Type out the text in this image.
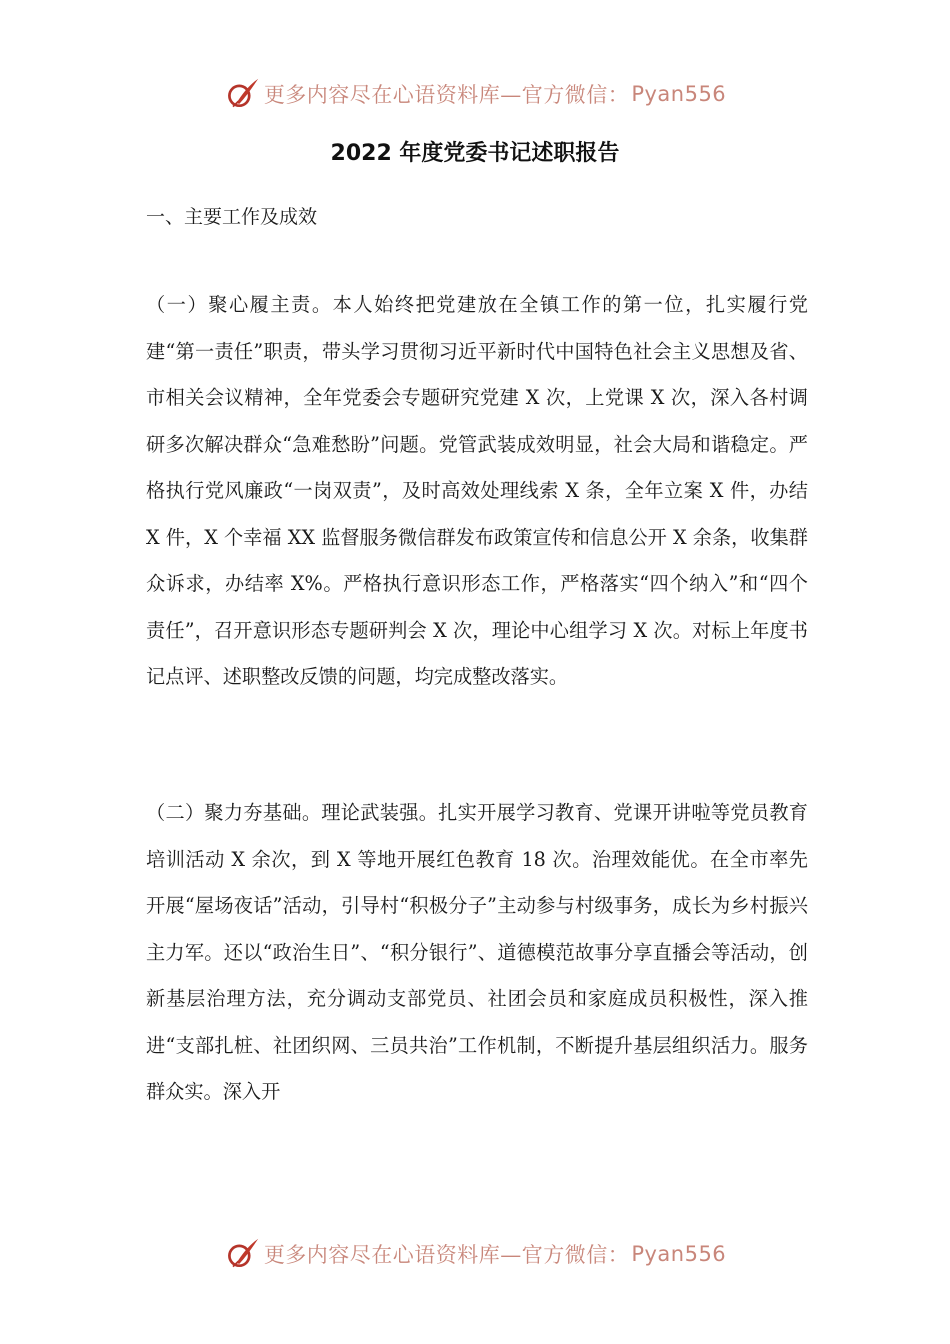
更多内容尽在心语资料库—官方微信： Pyan556
2022 年度党委书记述职报告
一、主要工作及成效

（一）聚心履主责。本人始终把党建放在全镇工作的第一位，扎实履行党建“第一责任”职责，带头学习贯彻习近平新时代中国特色社会主义思想及省、市相关会议精神，全年党委会专题研究党建 X 次，上党课 X 次，深入各村调研多次解决群众“急难愁盼”问题。党管武装成效明显，社会大局和谐稳定。严格执行党风廉政“一岗双责”，及时高效处理线索 X 条，全年立案 X 件，办结 X 件，X 个幸福 XX 监督服务微信群发布政策宣传和信息公开 X 余条，收集群众诉求，办结率 X%。严格执行意识形态工作，严格落实“四个纳入”和“四个责任”，召开意识形态专题研判会 X 次，理论中心组学习 X 次。对标上年度书记点评、述职整改反馈的问题，均完成整改落实。

（二）聚力夯基础。理论武装强。扎实开展学习教育、党课开讲啦等党员教育培训活动 X 余次，到 X 等地开展红色教育 18 次。治理效能优。在全市率先开展“屋场夜话”活动，引导村“积极分子”主动参与村级事务，成长为乡村振兴主力军。还以“政治生日”、“积分银行”、道德模范故事分享直播会等活动，创新基层治理方法，充分调动支部党员、社团会员和家庭成员积极性，深入推进“支部扎桩、社团织网、三员共治”工作机制，不断提升基层组织活力。服务群众实。深入开

更多内容尽在心语资料库—官方微信： Pyan556
